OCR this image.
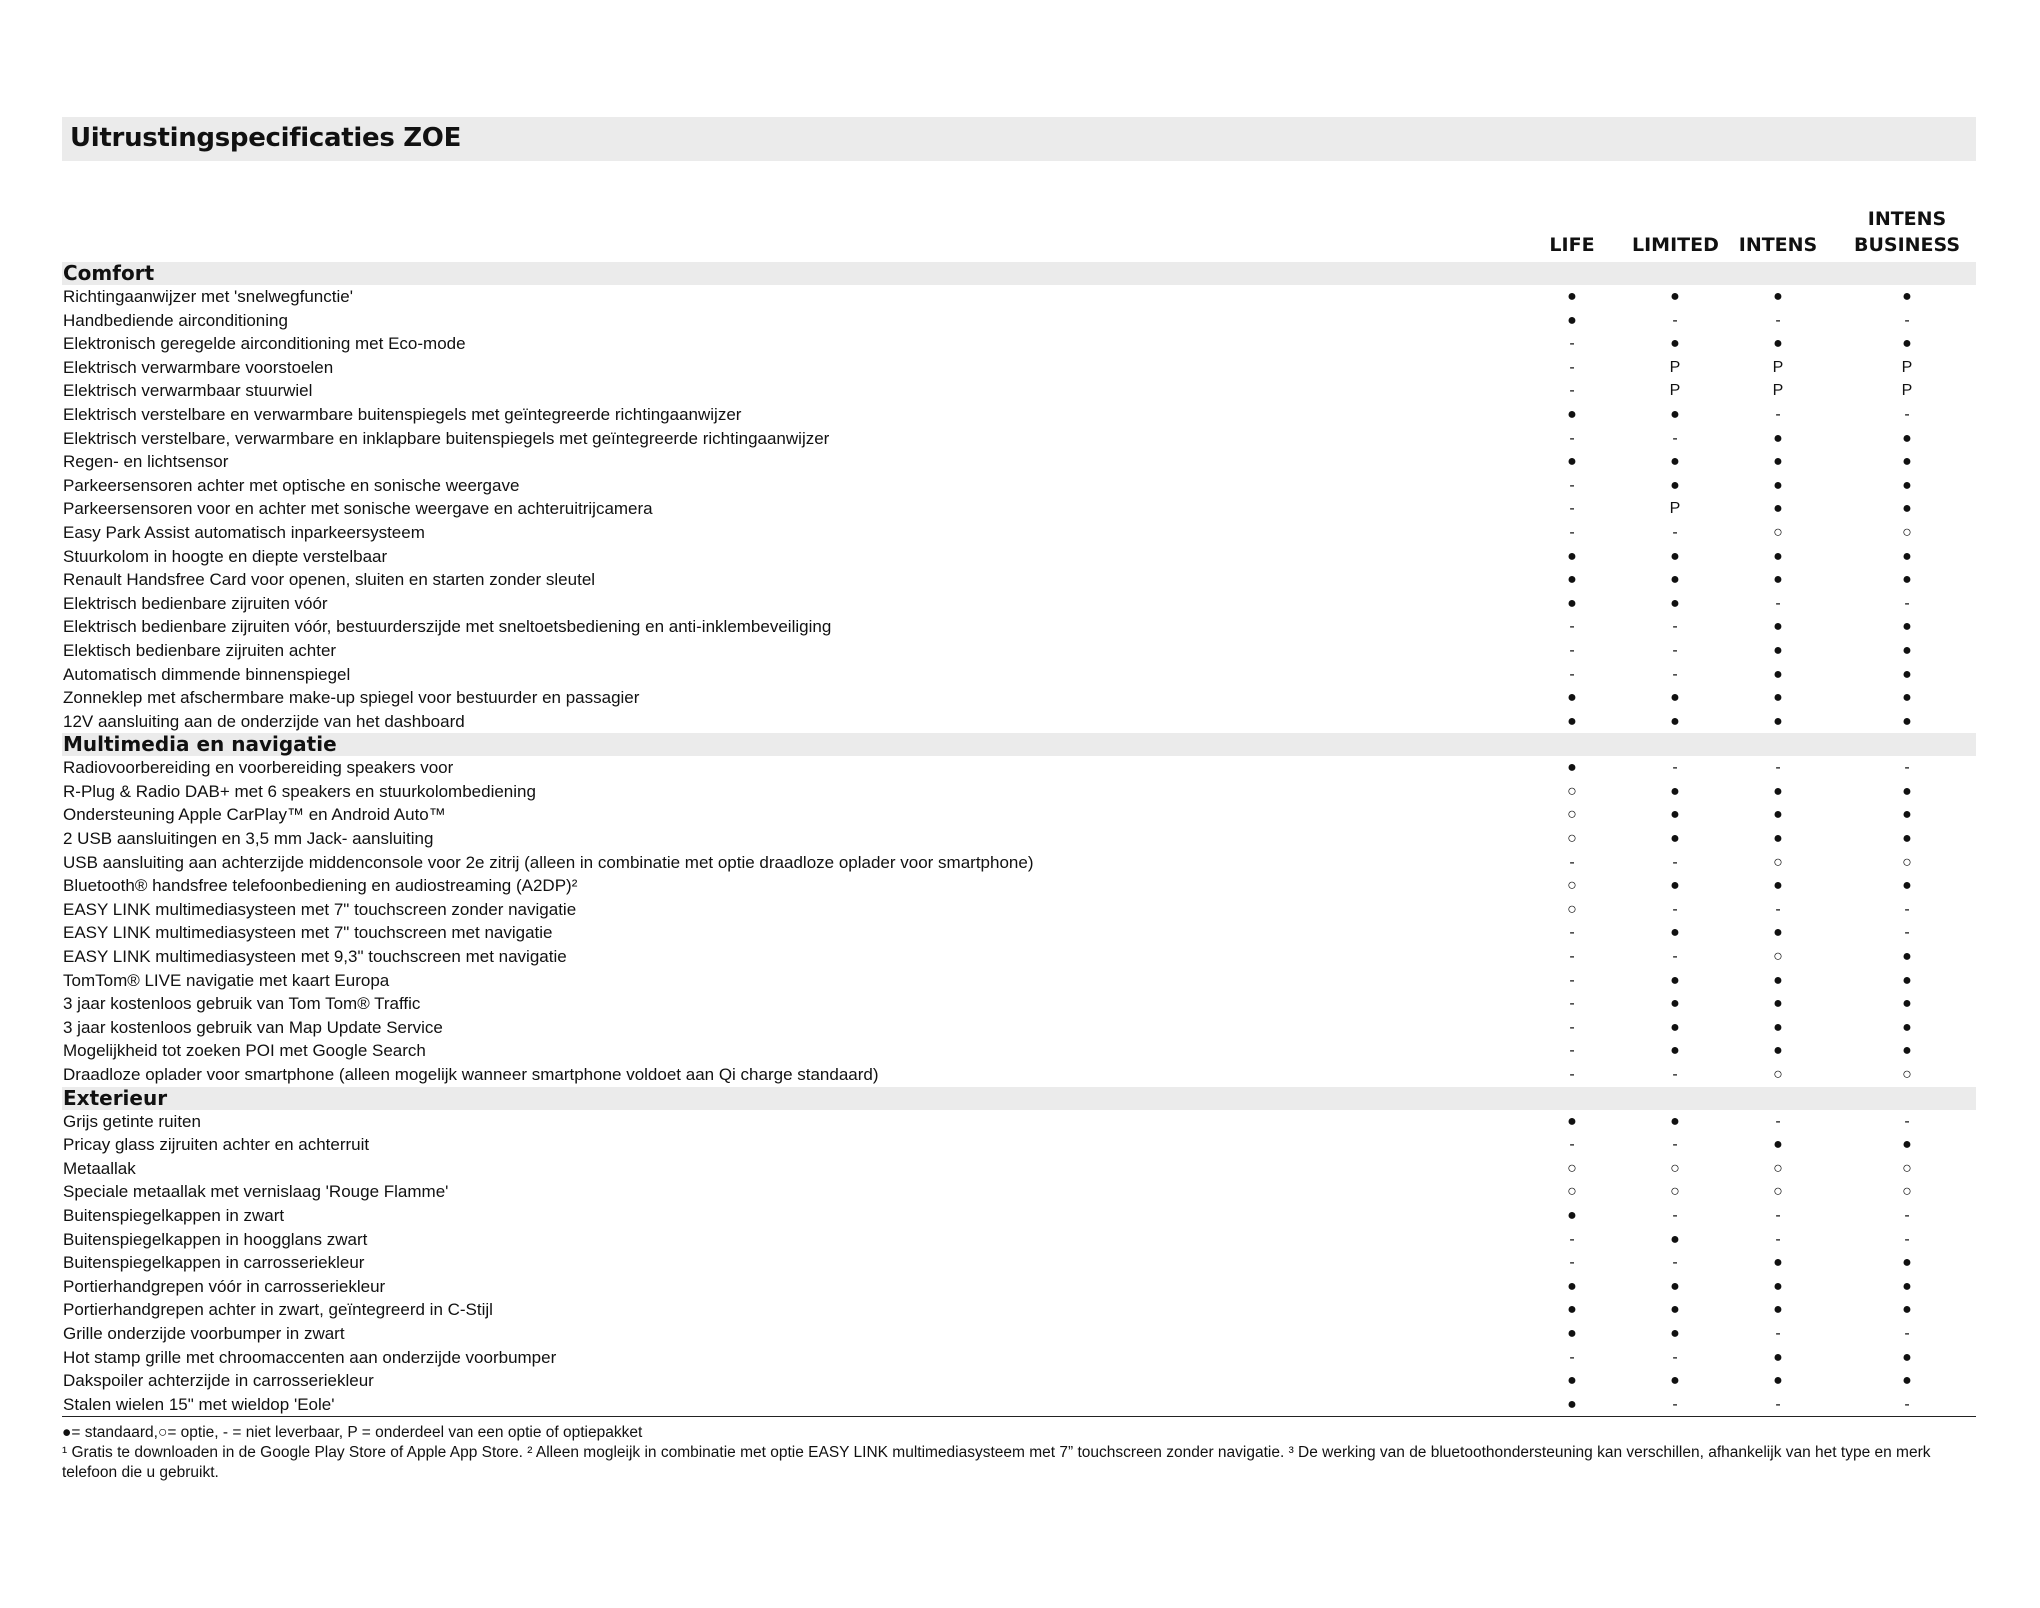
Uitrustingspecificaties ZOE
	LIFE	LIMITED	INTENS	INTENS BUSINESS
Comfort				
Richtingaanwijzer met 'snelwegfunctie'	●	●	●	●
Handbediende airconditioning	●	-	-	-
Elektronisch geregelde airconditioning met Eco-mode	-	●	●	●
Elektrisch verwarmbare voorstoelen	-	P	P	P
Elektrisch verwarmbaar stuurwiel	-	P	P	P
Elektrisch verstelbare en verwarmbare buitenspiegels met geïntegreerde richtingaanwijzer	●	●	-	-
Elektrisch verstelbare, verwarmbare en inklapbare buitenspiegels met geïntegreerde richtingaanwijzer	-	-	●	●
Regen- en lichtsensor	●	●	●	●
Parkeersensoren achter met optische en sonische weergave	-	●	●	●
Parkeersensoren voor en achter met sonische weergave en achteruitrijcamera	-	P	●	●
Easy Park Assist automatisch inparkeersysteem	-	-	○	○
Stuurkolom in hoogte en diepte verstelbaar	●	●	●	●
Renault Handsfree Card voor openen, sluiten en starten zonder sleutel	●	●	●	●
Elektrisch bedienbare zijruiten vóór	●	●	-	-
Elektrisch bedienbare zijruiten vóór, bestuurderszijde met sneltoetsbediening en anti-inklembeveiliging	-	-	●	●
Elektisch bedienbare zijruiten achter	-	-	●	●
Automatisch dimmende binnenspiegel	-	-	●	●
Zonneklep met afschermbare make-up spiegel voor bestuurder en passagier	●	●	●	●
12V aansluiting aan de onderzijde van het dashboard	●	●	●	●
Multimedia en navigatie				
Radiovoorbereiding en voorbereiding speakers voor	●	-	-	-
R-Plug & Radio DAB+ met 6 speakers en stuurkolombediening	○	●	●	●
Ondersteuning Apple CarPlay™ en Android Auto™	○	●	●	●
2 USB aansluitingen en 3,5 mm Jack- aansluiting	○	●	●	●
USB aansluiting aan achterzijde middenconsole voor 2e zitrij (alleen in combinatie met optie draadloze oplader voor smartphone)	-	-	○	○
Bluetooth® handsfree telefoonbediening en audiostreaming (A2DP)²	○	●	●	●
EASY LINK multimediasysteen met 7" touchscreen zonder navigatie	○	-	-	-
EASY LINK multimediasysteen met 7" touchscreen met navigatie	-	●	●	-
EASY LINK multimediasysteen met 9,3" touchscreen met navigatie	-	-	○	●
TomTom® LIVE navigatie met kaart Europa	-	●	●	●
3 jaar kostenloos gebruik van Tom Tom® Traffic	-	●	●	●
3 jaar kostenloos gebruik van Map Update Service	-	●	●	●
Mogelijkheid tot zoeken POI met Google Search	-	●	●	●
Draadloze oplader voor smartphone (alleen mogelijk wanneer smartphone voldoet aan Qi charge standaard)	-	-	○	○
Exterieur				
Grijs getinte ruiten	●	●	-	-
Pricay glass zijruiten achter en achterruit	-	-	●	●
Metaallak	○	○	○	○
Speciale metaallak met vernislaag 'Rouge Flamme'	○	○	○	○
Buitenspiegelkappen in zwart	●	-	-	-
Buitenspiegelkappen in hoogglans zwart	-	●	-	-
Buitenspiegelkappen in carrosseriekleur	-	-	●	●
Portierhandgrepen vóór in carrosseriekleur	●	●	●	●
Portierhandgrepen achter in zwart, geïntegreerd in C-Stijl	●	●	●	●
Grille onderzijde voorbumper in zwart	●	●	-	-
Hot stamp grille met chroomaccenten aan onderzijde voorbumper	-	-	●	●
Dakspoiler achterzijde in carrosseriekleur	●	●	●	●
Stalen wielen 15" met wieldop 'Eole'	●	-	-	-

●= standaard,○= optie, - = niet leverbaar, P = onderdeel van een optie of optiepakket

¹ Gratis te downloaden in de Google Play Store of Apple App Store. ² Alleen mogleijk in combinatie met optie EASY LINK multimediasysteem met 7” touchscreen zonder navigatie. ³ De werking van de bluetoothondersteuning kan verschillen, afhankelijk van het type en merk telefoon die u gebruikt.
